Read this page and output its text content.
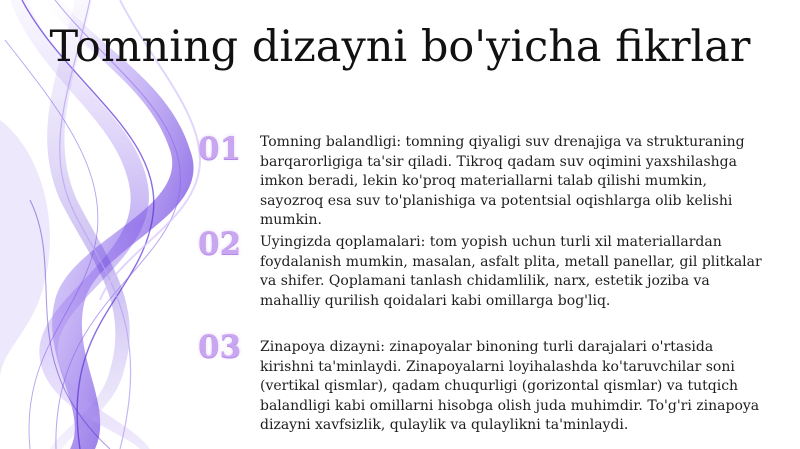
Tomning dizayni bo'yicha fikrlar
01	Tomning balandligi: tomning qiyaligi suv drenajiga va strukturaning barqarorligiga ta'sir qiladi. Tikroq qadam suv oqimini yaxshilashga imkon beradi, lekin ko'proq materiallarni talab qilishi mumkin, sayozroq esa suv to'planishiga va potentsial oqishlarga olib kelishi mumkin.
02	Uyingizda qoplamalari: tom yopish uchun turli xil materiallardan foydalanish mumkin, masalan, asfalt plita, metall panellar, gil plitkalar va shifer. Qoplamani tanlash chidamlilik, narx, estetik joziba va mahalliy qurilish qoidalari kabi omillarga bog'liq.
03	Zinapoya dizayni: zinapoyalar binoning turli darajalari o'rtasida kirishni ta'minlaydi. Zinapoyalarni loyihalashda ko'taruvchilar soni (vertikal qismlar), qadam chuqurligi (gorizontal qismlar) va tutqich balandligi kabi omillarni hisobga olish juda muhimdir. To'g'ri zinapoya dizayni xavfsizlik, qulaylik va qulaylikni ta'minlaydi.
